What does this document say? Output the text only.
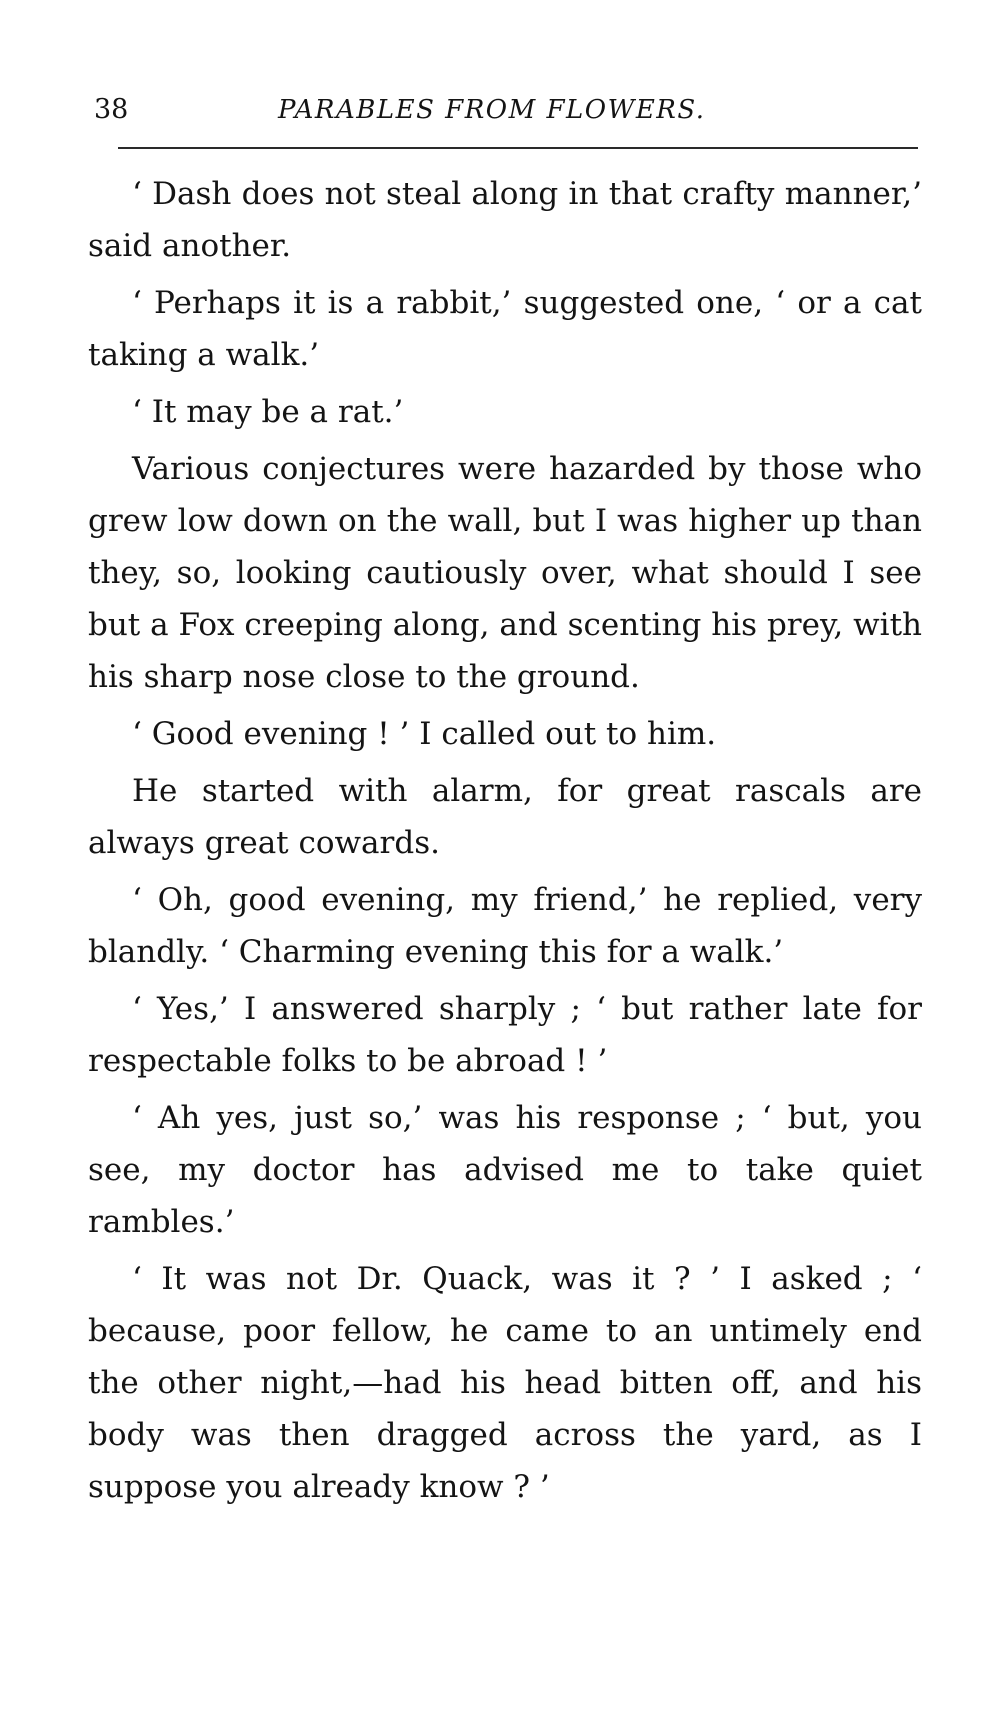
38	PARABLES FROM FLOWERS.

‘ Dash does not steal along in that crafty manner,’ said another.

‘ Perhaps it is a rabbit,’ suggested one, ‘ or a cat taking a walk.’

‘ It may be a rat.’

Various conjectures were hazarded by those who grew low down on the wall, but I was higher up than they, so, looking cautiously over, what should I see but a Fox creeping along, and scenting his prey, with his sharp nose close to the ground.

‘ Good evening ! ’ I called out to him.

He started with alarm, for great rascals are always great cowards.

‘ Oh, good evening, my friend,’ he replied, very blandly. ‘ Charming evening this for a walk.’

‘ Yes,’ I answered sharply ; ‘ but rather late for respectable folks to be abroad ! ’

‘ Ah yes, just so,’ was his response ; ‘ but, you see, my doctor has advised me to take quiet rambles.’

‘ It was not Dr. Quack, was it ? ’ I asked ; ‘ because, poor fellow, he came to an untimely end the other night,—had his head bitten off, and his body was then dragged across the yard, as I suppose you already know ? ’
